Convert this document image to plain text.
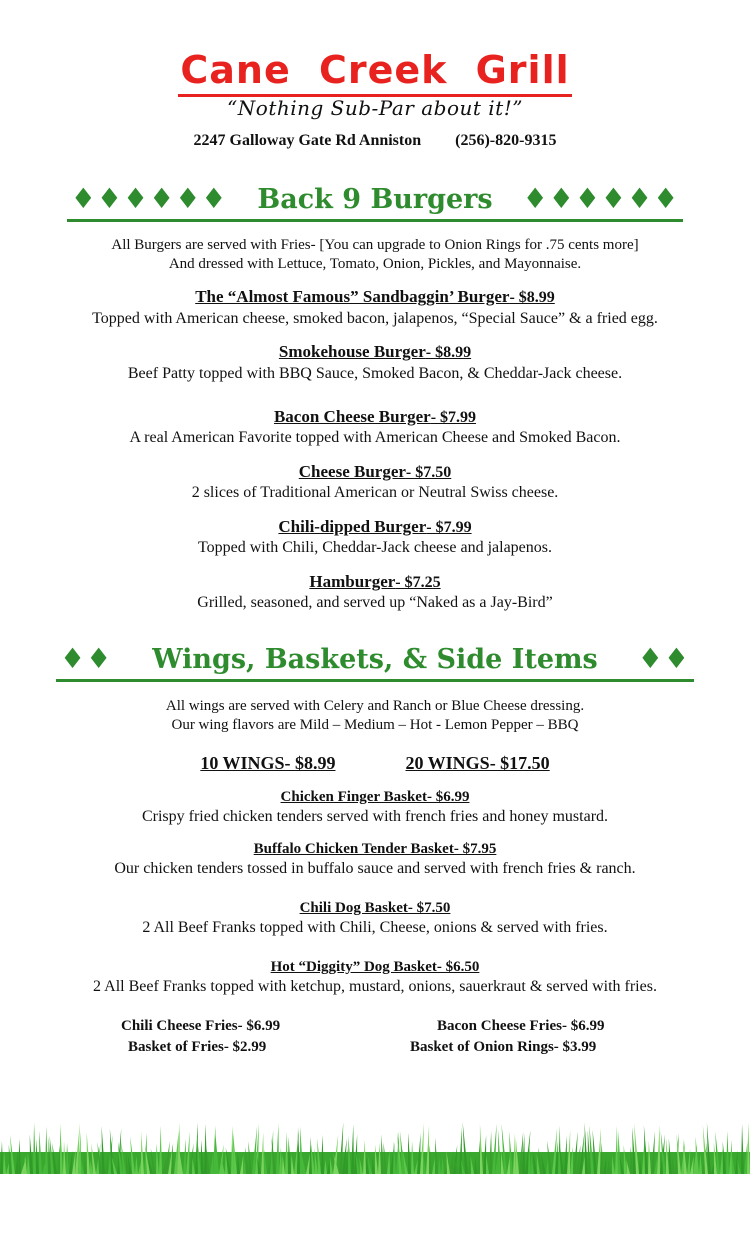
Cane Creek Grill
“Nothing Sub-Par about it!”
2247 Galloway Gate Rd Anniston (256)-820-9315
♦♦♦♦♦♦ Back 9 Burgers ♦♦♦♦♦♦
All Burgers are served with Fries- [You can upgrade to Onion Rings for .75 cents more]
And dressed with Lettuce, Tomato, Onion, Pickles, and Mayonnaise.
The “Almost Famous” Sandbaggin’ Burger- $8.99
Topped with American cheese, smoked bacon, jalapenos, “Special Sauce” & a fried egg.
Smokehouse Burger- $8.99
Beef Patty topped with BBQ Sauce, Smoked Bacon, & Cheddar-Jack cheese.
Bacon Cheese Burger- $7.99
A real American Favorite topped with American Cheese and Smoked Bacon.
Cheese Burger- $7.50
2 slices of Traditional American or Neutral Swiss cheese.
Chili-dipped Burger- $7.99
Topped with Chili, Cheddar-Jack cheese and jalapenos.
Hamburger- $7.25
Grilled, seasoned, and served up “Naked as a Jay-Bird”
♦♦ Wings, Baskets, & Side Items ♦♦
All wings are served with Celery and Ranch or Blue Cheese dressing.
Our wing flavors are Mild – Medium – Hot - Lemon Pepper – BBQ
10 WINGS- $8.99	20 WINGS- $17.50
Chicken Finger Basket- $6.99
Crispy fried chicken tenders served with french fries and honey mustard.
Buffalo Chicken Tender Basket- $7.95
Our chicken tenders tossed in buffalo sauce and served with french fries & ranch.
Chili Dog Basket- $7.50
2 All Beef Franks topped with Chili, Cheese, onions & served with fries.
Hot “Diggity” Dog Basket- $6.50
2 All Beef Franks topped with ketchup, mustard, onions, sauerkraut & served with fries.
Chili Cheese Fries- $6.99	Bacon Cheese Fries- $6.99
Basket of Fries- $2.99	Basket of Onion Rings- $3.99
